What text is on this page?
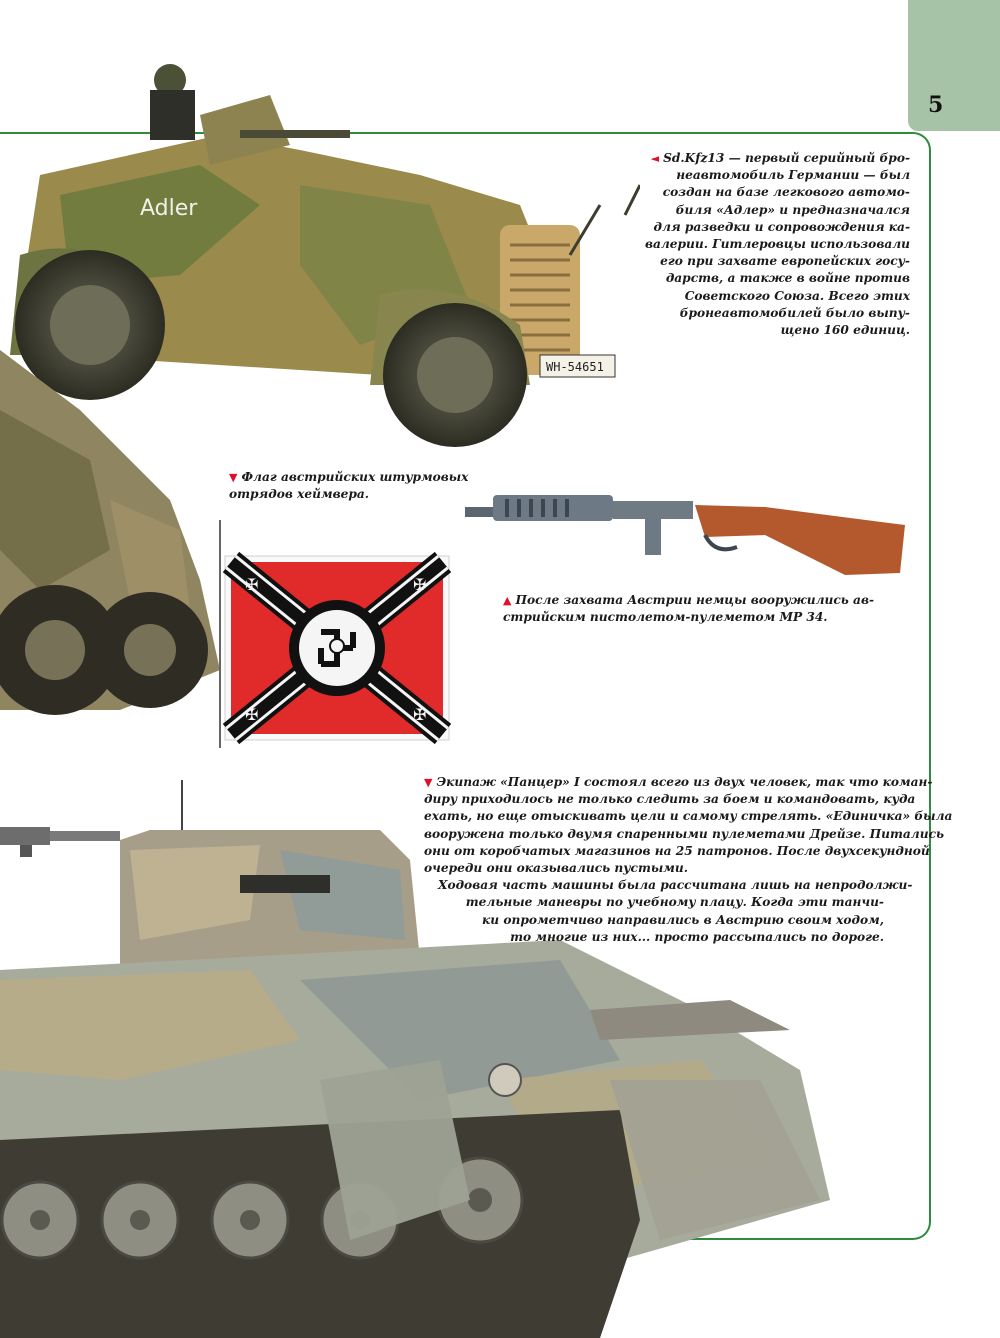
5
WH-54651
Adler
✠	✠
✠	✠

◄ Sd.Kfz13 — первый серийный бро-
неавтомобиль Германии — был
создан на базе легкового автомо-
биля «Адлер» и предназначался
для разведки и сопровождения ка-
валерии. Гитлеровцы использовали
его при захвате европейских госу-
дарств, а также в войне против
Советского Союза. Всего этих
бронеавтомобилей было выпу-
щено 160 единиц.

▼ Флаг австрийских штурмовых
отрядов хеймвера.

▲ После захвата Австрии немцы вооружились ав-
стрийским пистолетом-пулеметом MP 34.

▼ Экипаж «Панцер» I состоял всего из двух человек, так что коман-
диру приходилось не только следить за боем и командовать, куда
ехать, но еще отыскивать цели и самому стрелять. «Единичка» была
вооружена только двумя спаренными пулеметами Дрейзе. Питались
они от коробчатых магазинов на 25 патронов. После двухсекундной
очереди они оказывались пустыми.
Ходовая часть машины была рассчитана лишь на непродолжи-
тельные маневры по учебному плацу. Когда эти танчи-
ки опрометчиво направились в Австрию своим ходом,
то многие из них... просто рассыпались по дороге.
